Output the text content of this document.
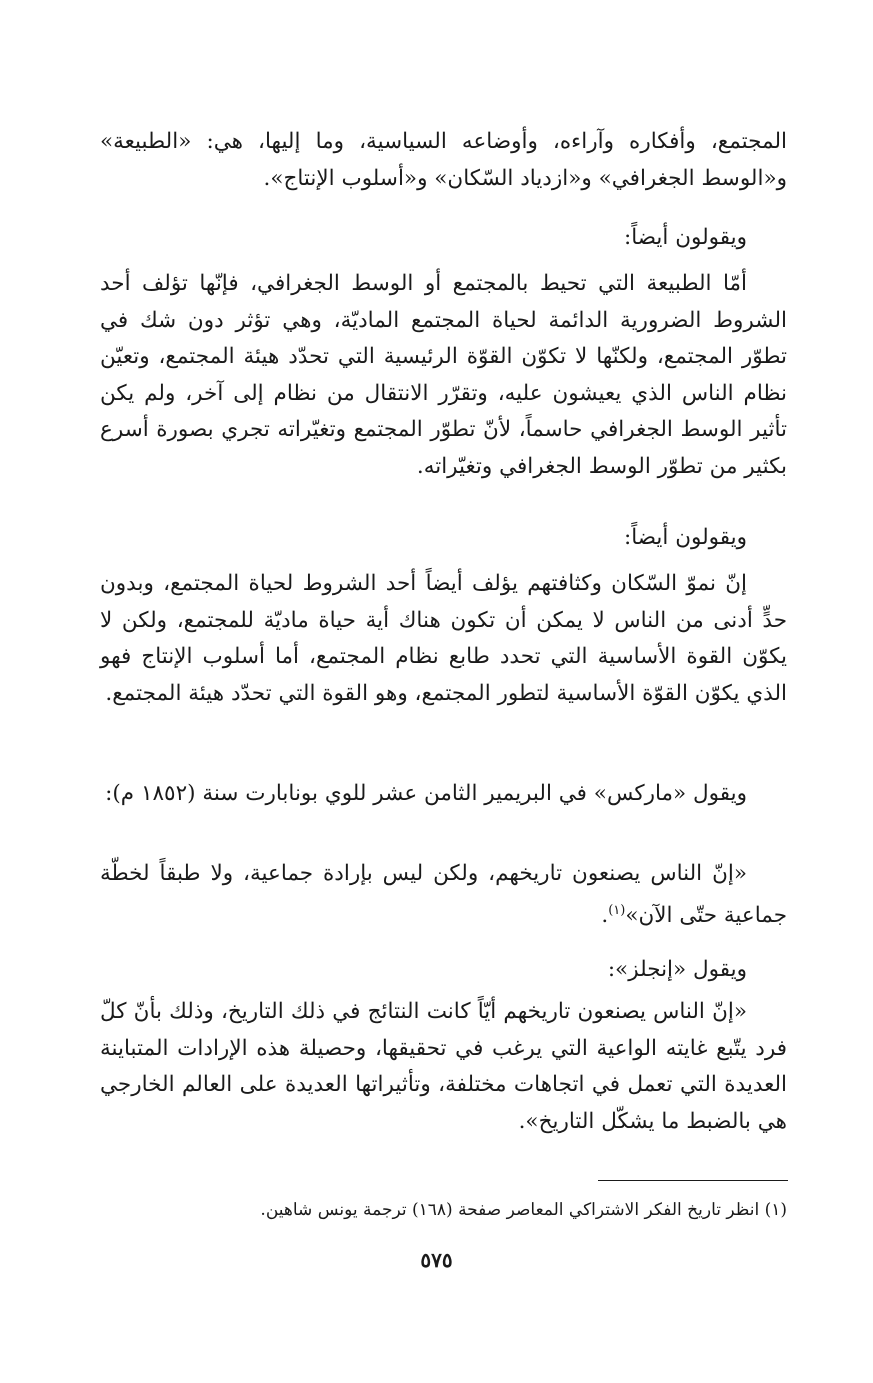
المجتمع، وأفكاره وآراءه، وأوضاعه السياسية، وما إليها، هي: «الطبيعة» و«الوسط الجغرافي» و«ازدياد السّكان» و«أسلوب الإنتاج».
ويقولون أيضاً:
أمّا الطبيعة التي تحيط بالمجتمع أو الوسط الجغرافي، فإنّها تؤلف أحد الشروط الضرورية الدائمة لحياة المجتمع الماديّة، وهي تؤثر دون شك في تطوّر المجتمع، ولكنّها لا تكوّن القوّة الرئيسية التي تحدّد هيئة المجتمع، وتعيّن نظام الناس الذي يعيشون عليه، وتقرّر الانتقال من نظام إلى آخر، ولم يكن تأثير الوسط الجغرافي حاسماً، لأنّ تطوّر المجتمع وتغيّراته تجري بصورة أسرع بكثير من تطوّر الوسط الجغرافي وتغيّراته.
ويقولون أيضاً:
إنّ نموّ السّكان وكثافتهم يؤلف أيضاً أحد الشروط لحياة المجتمع، وبدون حدٍّ أدنى من الناس لا يمكن أن تكون هناك أية حياة ماديّة للمجتمع، ولكن لا يكوّن القوة الأساسية التي تحدد طابع نظام المجتمع، أما أسلوب الإنتاج فهو الذي يكوّن القوّة الأساسية لتطور المجتمع، وهو القوة التي تحدّد هيئة المجتمع.
ويقول «ماركس» في البريمير الثامن عشر للوي بونابارت سنة (١٨٥٢ م):
«إنّ الناس يصنعون تاريخهم، ولكن ليس بإرادة جماعية، ولا طبقاً لخطّة جماعية حتّى الآن»$^{(١)}$.
ويقول «إنجلز»:
«إنّ الناس يصنعون تاريخهم أيّاً كانت النتائج في ذلك التاريخ، وذلك بأنّ كلّ فرد يتّبع غايته الواعية التي يرغب في تحقيقها، وحصيلة هذه الإرادات المتباينة العديدة التي تعمل في اتجاهات مختلفة، وتأثيراتها العديدة على العالم الخارجي هي بالضبط ما يشكّل التاريخ».
(١) انظر تاريخ الفكر الاشتراكي المعاصر صفحة (١٦٨) ترجمة يونس شاهين.
٥٧٥
